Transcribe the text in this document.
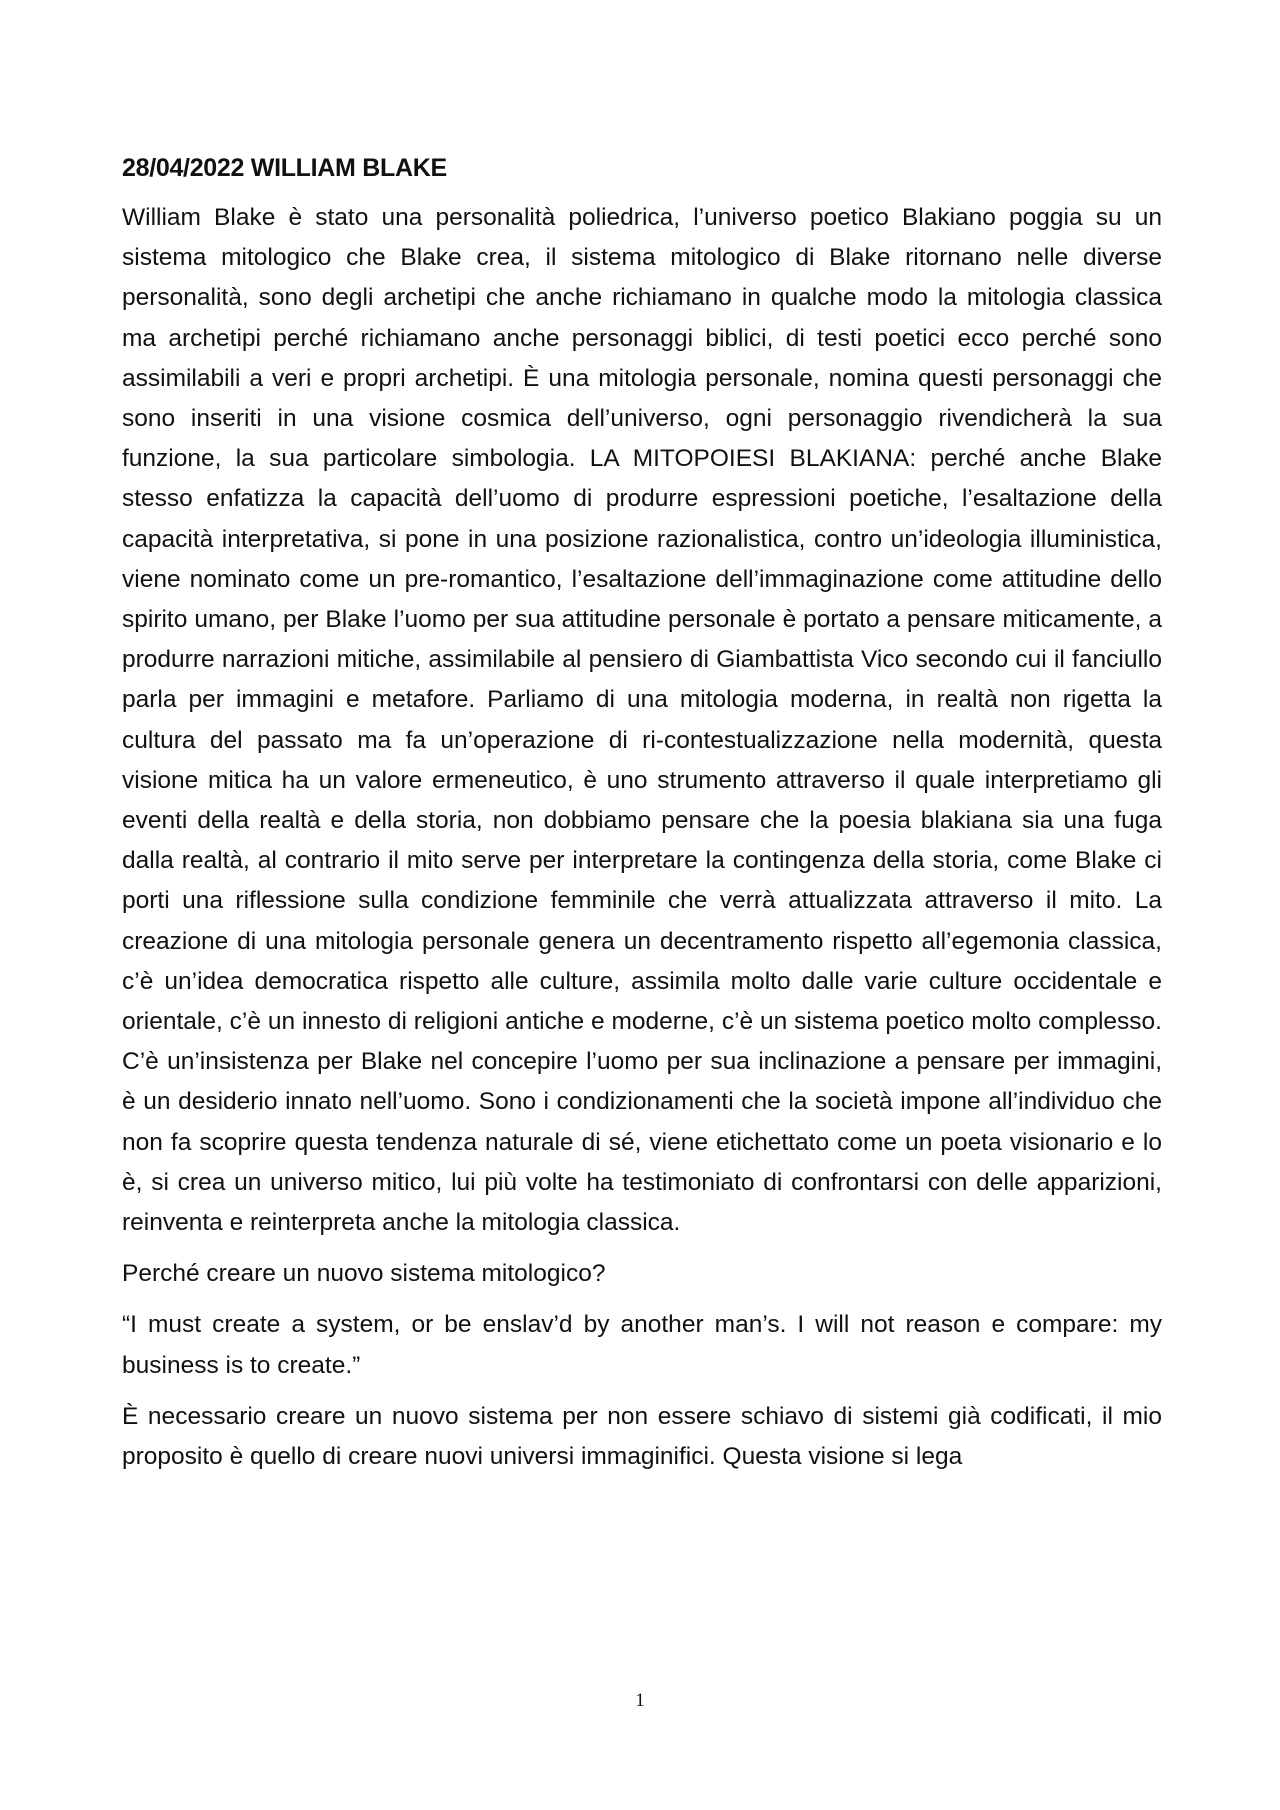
28/04/2022 WILLIAM BLAKE

William Blake è stato una personalità poliedrica, l’universo poetico Blakiano poggia su un sistema mitologico che Blake crea, il sistema mitologico di Blake ritornano nelle diverse personalità, sono degli archetipi che anche richiamano in qualche modo la mitologia classica ma archetipi perché richiamano anche personaggi biblici, di testi poetici ecco perché sono assimilabili a veri e propri archetipi. È una mitologia personale, nomina questi personaggi che sono inseriti in una visione cosmica dell’universo, ogni personaggio rivendicherà la sua funzione, la sua particolare simbologia. LA MITOPOIESI BLAKIANA: perché anche Blake stesso enfatizza la capacità dell’uomo di produrre espressioni poetiche, l’esaltazione della capacità interpretativa, si pone in una posizione razionalistica, contro un’ideologia illuministica, viene nominato come un pre-romantico, l’esaltazione dell’immaginazione come attitudine dello spirito umano, per Blake l’uomo per sua attitudine personale è portato a pensare miticamente, a produrre narrazioni mitiche, assimilabile al pensiero di Giambattista Vico secondo cui il fanciullo parla per immagini e metafore. Parliamo di una mitologia moderna, in realtà non rigetta la cultura del passato ma fa un’operazione di ri-contestualizzazione nella modernità, questa visione mitica ha un valore ermeneutico, è uno strumento attraverso il quale interpretiamo gli eventi della realtà e della storia, non dobbiamo pensare che la poesia blakiana sia una fuga dalla realtà, al contrario il mito serve per interpretare la contingenza della storia, come Blake ci porti una riflessione sulla condizione femminile che verrà attualizzata attraverso il mito. La creazione di una mitologia personale genera un decentramento rispetto all’egemonia classica, c’è un’idea democratica rispetto alle culture, assimila molto dalle varie culture occidentale e orientale, c’è un innesto di religioni antiche e moderne, c’è un sistema poetico molto complesso. C’è un’insistenza per Blake nel concepire l’uomo per sua inclinazione a pensare per immagini, è un desiderio innato nell’uomo. Sono i condizionamenti che la società impone all’individuo che non fa scoprire questa tendenza naturale di sé, viene etichettato come un poeta visionario e lo è, si crea un universo mitico, lui più volte ha testimoniato di confrontarsi con delle apparizioni, reinventa e reinterpreta anche la mitologia classica.

Perché creare un nuovo sistema mitologico?

“I must create a system, or be enslav’d by another man’s. I will not reason e compare: my business is to create.”

È necessario creare un nuovo sistema per non essere schiavo di sistemi già codificati, il mio proposito è quello di creare nuovi universi immaginifici. Questa visione si lega

1
